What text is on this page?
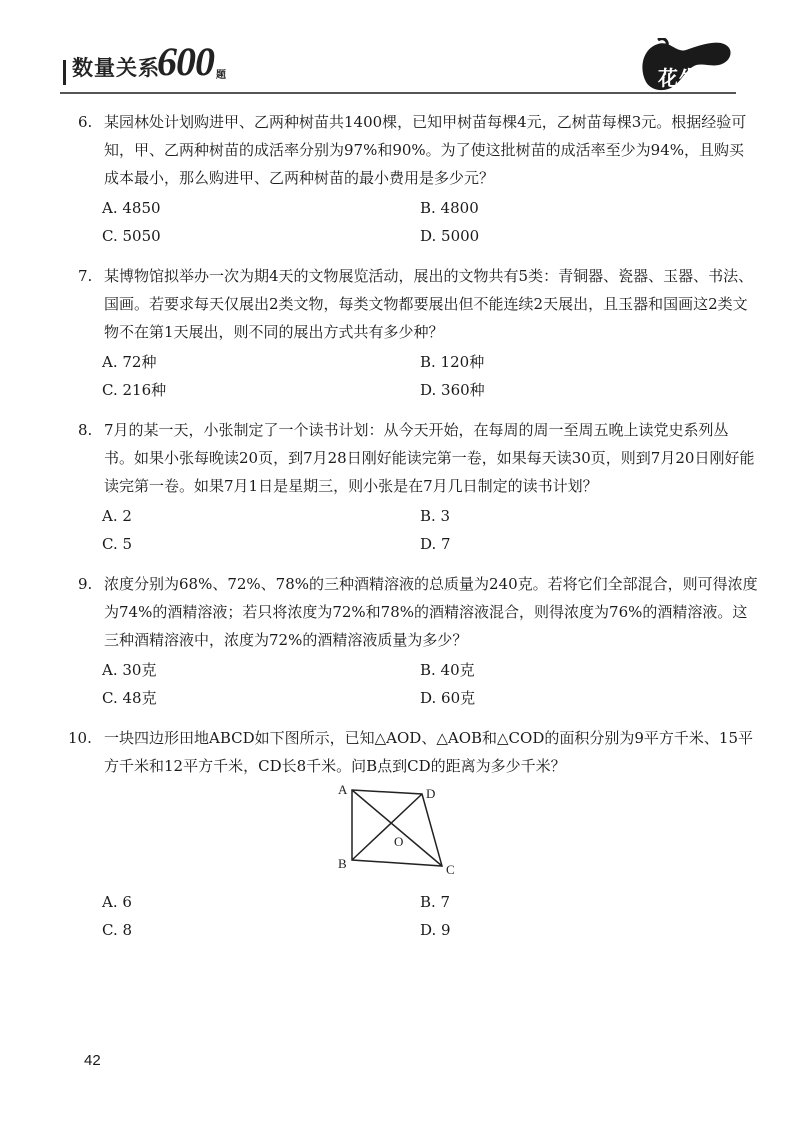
数量关系
600 题	花生十三
6. 某园林处计划购进甲、乙两种树苗共1400棵，已知甲树苗每棵4元，乙树苗每棵3元。根据经验可知，甲、乙两种树苗的成活率分别为97%和90%。为了使这批树苗的成活率至少为94%，且购买成本最小，那么购进甲、乙两种树苗的最小费用是多少元？
A. 4850	B. 4800
C. 5050	D. 5000
7. 某博物馆拟举办一次为期4天的文物展览活动，展出的文物共有5类：青铜器、瓷器、玉器、书法、国画。若要求每天仅展出2类文物，每类文物都要展出但不能连续2天展出，且玉器和国画这2类文物不在第1天展出，则不同的展出方式共有多少种？
A. 72种	B. 120种
C. 216种	D. 360种
8. 7月的某一天，小张制定了一个读书计划：从今天开始，在每周的周一至周五晚上读党史系列丛书。如果小张每晚读20页，到7月28日刚好能读完第一卷，如果每天读30页，则到7月20日刚好能读完第一卷。如果7月1日是星期三，则小张是在7月几日制定的读书计划？
A. 2	B. 3
C. 5	D. 7
9. 浓度分别为68%、72%、78%的三种酒精溶液的总质量为240克。若将它们全部混合，则可得浓度为74%的酒精溶液；若只将浓度为72%和78%的酒精溶液混合，则得浓度为76%的酒精溶液。这三种酒精溶液中，浓度为72%的酒精溶液质量为多少？
A. 30克	B. 40克
C. 48克	D. 60克
10. 一块四边形田地ABCD如下图所示，已知△AOD、△AOB和△COD的面积分别为9平方千米、15平方千米和12平方千米，CD长8千米。问B点到CD的距离为多少千米？
A	D
O
B	C
A. 6	B. 7
C. 8	D. 9
42
